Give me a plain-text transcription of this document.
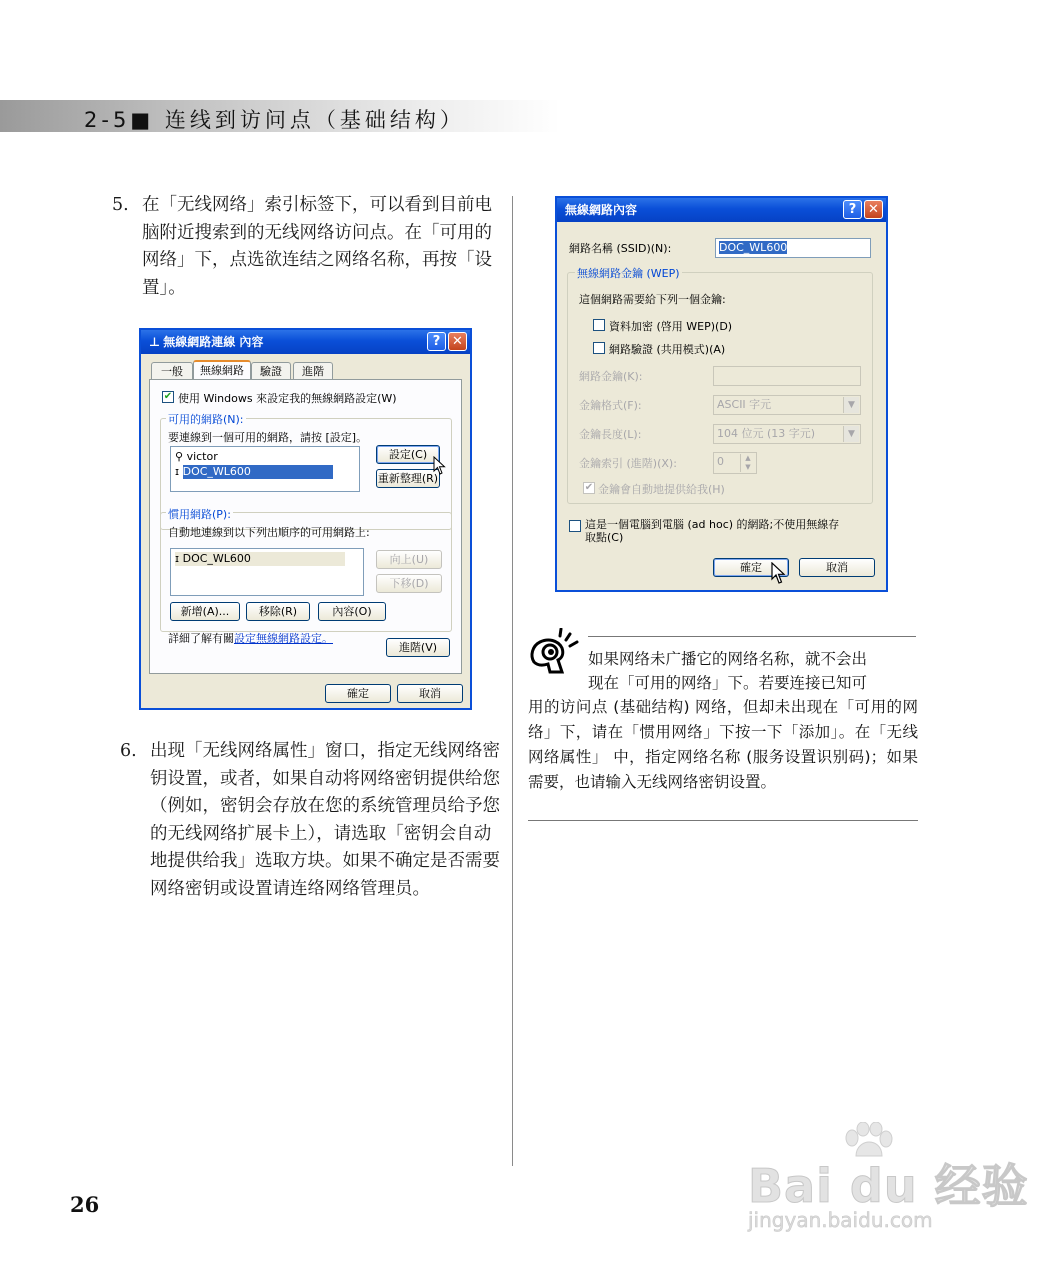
2-5■ 连线到访问点（基础结构）
5. 在「无线网络」索引标签下，可以看到目前电脑附近搜索到的无线网络访问点。在「可用的网络」下，点选欲连结之网络名称，再按「设置」。
⊥ 無線網路連線 內容	? ✕
一般	無線網路	驗證	進階
✔ 使用 Windows 來設定我的無線網路設定(W)
可用的網路(N):
要連線到一個可用的網路，請按 [設定]。
⚲ victor
ɪ DOC_WL600
設定(C)
重新整理(R)
慣用網路(P):
自動地連線到以下列出順序的可用網路上:
ɪ DOC_WL600	向上(U)
下移(D)
新增(A)...	移除(R)	內容(O)
詳細了解有關設定無線網路設定。
進階(V)
確定	取消
6. 出现「无线网络属性」窗口，指定无线网络密钥设置，或者，如果自动将网络密钥提供给您（例如，密钥会存放在您的系统管理员给予您的无线网络扩展卡上），请选取「密钥会自动地提供给我」选取方块。如果不确定是否需要网络密钥或设置请连络网络管理员。
無線網路內容	? ✕
網路名稱 (SSID)(N):	DOC_WL600
無線網路金鑰 (WEP)
這個網路需要給下列一個金鑰:
資料加密 (啓用 WEP)(D)
網路驗證 (共用模式)(A)
網路金鑰(K):
金鑰格式(F):	ASCII 字元	▼
金鑰長度(L):	104 位元 (13 字元)	▼
金鑰索引 (進階)(X):	0	▲
▼
✔ 金鑰會自動地提供給我(H)
這是一個電腦到電腦 (ad hoc) 的網路;不使用無線存
取點(C)
確定	取消
如果网络未广播它的网络名称，就不会出
现在「可用的网络」下。若要连接已知可
用的访问点 (基础结构) 网络，但却未出现在「可用的网络」下，请在「惯用网络」下按一下「添加」。在「无线网络属性」 中，指定网络名称 (服务设置识别码)；如果需要，也请输入无线网络密钥设置。
26	Bai du 经验
jingyan.baidu.com
